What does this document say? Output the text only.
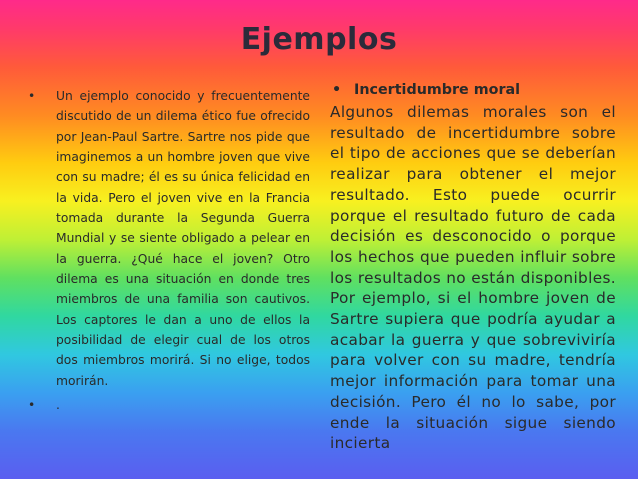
Ejemplos
• Un ejemplo conocido y frecuentemente discutido de un dilema ético fue ofrecido por Jean-Paul Sartre. Sartre nos pide que imaginemos a un hombre joven que vive con su madre; él es su única felicidad en la vida. Pero el joven vive en la Francia tomada durante la Segunda Guerra Mundial y se siente obligado a pelear en la guerra. ¿Qué hace el joven? Otro dilema es una situación en donde tres miembros de una familia son cautivos. Los captores le dan a uno de ellos la posibilidad de elegir cual de los otros dos miembros morirá. Si no elige, todos morirán.
• .
• Incertidumbre moral
Algunos dilemas morales son el resultado de incertidumbre sobre el tipo de acciones que se deberían realizar para obtener el mejor resultado. Esto puede ocurrir porque el resultado futuro de cada decisión es desconocido o porque los hechos que pueden influir sobre los resultados no están disponibles. Por ejemplo, si el hombre joven de Sartre supiera que podría ayudar a acabar la guerra y que sobreviviría para volver con su madre, tendría mejor información para tomar una decisión. Pero él no lo sabe, por ende la situación sigue siendo incierta
